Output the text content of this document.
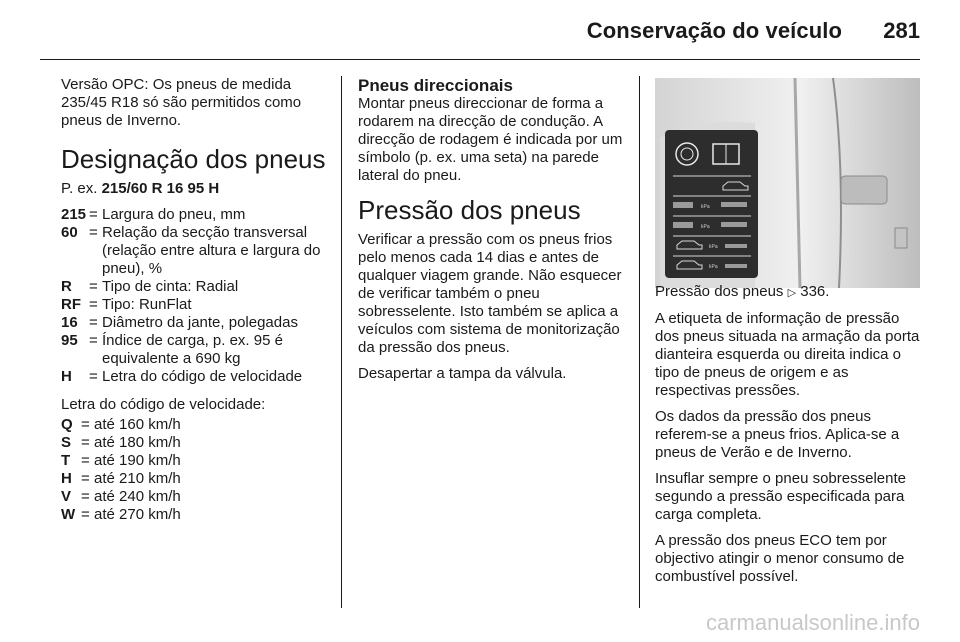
Conservação do veículo 281

Versão OPC: Os pneus de medida 235/45 R18 só são permitidos como pneus de Inverno.

Designação dos pneus

P. ex. 215/60 R 16 95 H

215 = Largura do pneu, mm
60 = Relação da secção transversal (relação entre altura e largura do pneu), %
R	= Tipo de cinta: Radial
RF = Tipo: RunFlat
16 = Diâmetro da jante, polegadas
95 = Índice de carga, p. ex. 95 é equivalente a 690 kg
H	= Letra do código de velocidade

Letra do código de velocidade:

Q = até 160 km/h
S = até 180 km/h
T = até 190 km/h
H = até 210 km/h
V = até 240 km/h
W = até 270 km/h
Pneus direccionais

Montar pneus direccionar de forma a rodarem na direcção de condução. A direcção de rodagem é indicada por um símbolo (p. ex. uma seta) na parede lateral do pneu.

Pressão dos pneus

Verificar a pressão com os pneus frios pelo menos cada 14 dias e antes de qualquer viagem grande. Não esquecer de verificar também o pneu sobresselente. Isto também se aplica a veículos com sistema de monitorização da pressão dos pneus.

Desapertar a tampa da válvula.

kPa
kPa
kPa
kPa

Pressão dos pneus ▷ 336.

A etiqueta de informação de pressão dos pneus situada na armação da porta dianteira esquerda ou direita indica o tipo de pneus de origem e as respectivas pressões.

Os dados da pressão dos pneus referem-se a pneus frios. Aplica-se a pneus de Verão e de Inverno.

Insuflar sempre o pneu sobresselente segundo a pressão especificada para carga completa.

A pressão dos pneus ECO tem por objectivo atingir o menor consumo de combustível possível.

carmanualsonline.info
